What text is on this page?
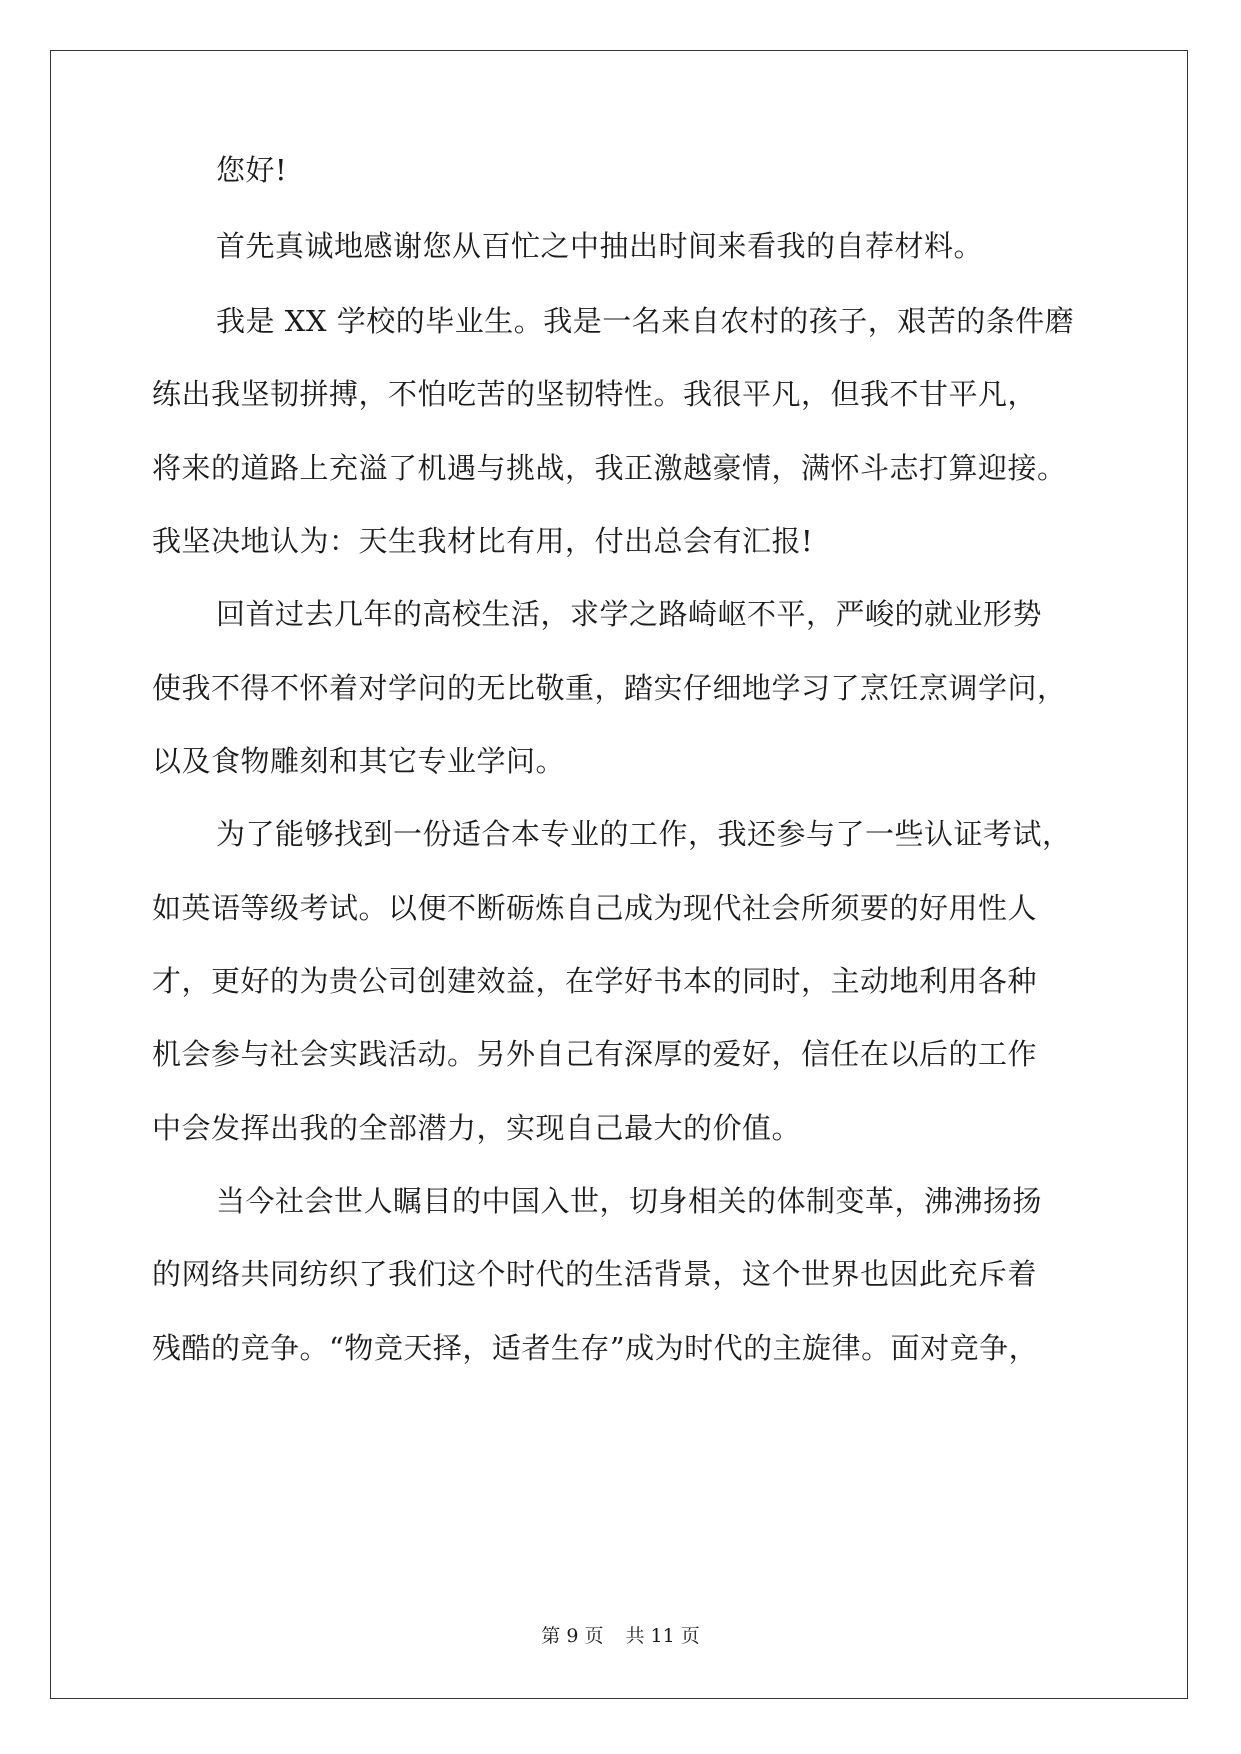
您好!
首先真诚地感谢您从百忙之中抽出时间来看我的自荐材料。
我是 XX 学校的毕业生。我是一名来自农村的孩子，艰苦的条件磨
练出我坚韧拼搏，不怕吃苦的坚韧特性。我很平凡，但我不甘平凡，
将来的道路上充溢了机遇与挑战，我正激越豪情，满怀斗志打算迎接。
我坚决地认为：天生我材比有用，付出总会有汇报!
回首过去几年的高校生活，求学之路崎岖不平，严峻的就业形势
使我不得不怀着对学问的无比敬重，踏实仔细地学习了烹饪烹调学问，
以及食物雕刻和其它专业学问。
为了能够找到一份适合本专业的工作，我还参与了一些认证考试，
如英语等级考试。以便不断砺炼自己成为现代社会所须要的好用性人
才，更好的为贵公司创建效益，在学好书本的同时，主动地利用各种
机会参与社会实践活动。另外自己有深厚的爱好，信任在以后的工作
中会发挥出我的全部潜力，实现自己最大的价值。
当今社会世人瞩目的中国入世，切身相关的体制变革，沸沸扬扬
的网络共同纺织了我们这个时代的生活背景，这个世界也因此充斥着
残酷的竞争。“物竞天择，适者生存”成为时代的主旋律。面对竞争，
第 9 页 共 11 页
